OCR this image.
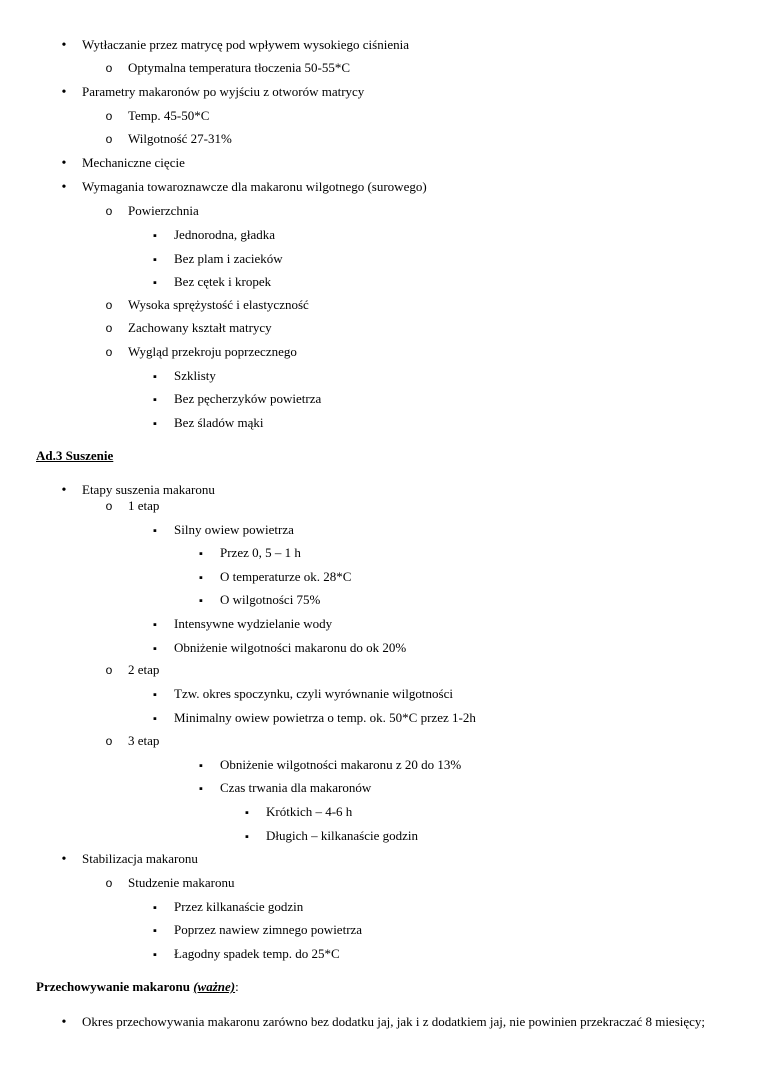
•
Wytłaczanie przez matrycę pod wpływem wysokiego ciśnienia
o
Optymalna temperatura tłoczenia 50-55*C
•
Parametry makaronów po wyjściu z otworów matrycy
o
Temp. 45-50*C
o
Wilgotność 27-31%
•
Mechaniczne cięcie
•
Wymagania towaroznawcze dla makaronu wilgotnego (surowego)
o
Powierzchnia
▪
Jednorodna, gładka
▪
Bez plam i zacieków
▪
Bez cętek i kropek
o
Wysoka sprężystość i elastyczność
o
Zachowany kształt matrycy
o
Wygląd przekroju poprzecznego
▪
Szklisty
▪
Bez pęcherzyków powietrza
▪
Bez śladów mąki
Ad.3 Suszenie
•
Etapy suszenia makaronu
o
1 etap
▪
Silny owiew powietrza
▪
Przez 0, 5 – 1 h
▪
O temperaturze ok. 28*C
▪
O wilgotności 75%
▪
Intensywne wydzielanie wody
▪
Obniżenie wilgotności makaronu do ok 20%
o
2 etap
▪
Tzw. okres spoczynku, czyli wyrównanie wilgotności
▪
Minimalny owiew powietrza o temp. ok. 50*C przez 1-2h
o
3 etap
▪
Obniżenie wilgotności makaronu z 20 do 13%
▪
Czas trwania dla makaronów
▪
Krótkich – 4-6 h
▪
Długich – kilkanaście godzin
•
Stabilizacja makaronu
o
Studzenie makaronu
▪
Przez kilkanaście godzin
▪
Poprzez nawiew zimnego powietrza
▪
Łagodny spadek temp. do 25*C
Przechowywanie makaronu (ważne):
•
Okres przechowywania makaronu zarówno bez dodatku jaj, jak i z dodatkiem jaj, nie powinien przekraczać 8 miesięcy;
